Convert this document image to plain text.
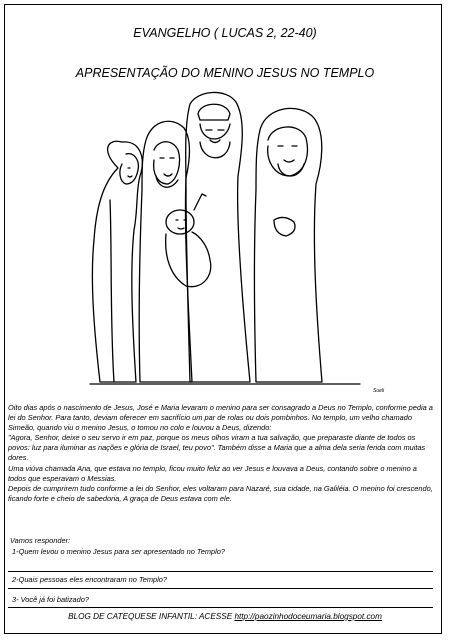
EVANGELHO ( LUCAS 2, 22-40)
APRESENTAÇÃO DO MENINO JESUS NO TEMPLO
Sueli

Oito dias após o nascimento de Jesus, José e Maria levaram o menino para ser consagrado a Deus no Templo, conforme pedia a lei do Senhor. Para tanto, deviam oferecer em sacrifício um par de rolas ou dois pombinhos. No templo, um velho chamado Simeão, quando viu o menino Jesus, o tomou no colo e louvou a Deus, dizendo:

"Agora, Senhor, deixe o seu servo ir em paz, porque os meus olhos viram a tua salvação, que preparaste diante de todos os povos: luz para iluminar as nações e glória de Israel, teu povo". Também disse a Maria que a alma dela seria ferida com muitas dores.

Uma viúva chamada Ana, que estava no templo, ficou muito feliz ao ver Jesus e louvava a Deus, contando sobre o menino a todos que esperavam o Messias.

Depois de cumprirem tudo conforme a lei do Senhor, eles voltaram para Nazaré, sua cidade, na Galiléia. O menino foi crescendo, ficando forte e cheio de sabedoria, A graça de Deus estava com ele.

Vamos responder:
1-Quem levou o menino Jesus para ser apresentado no Templo?
2-Quais pessoas eles encontraram no Templo?
3- Você já foi batizado?
BLOG DE CATEQUESE INFANTIL: ACESSE http://paozinhodoceumaria.blogspot.com
